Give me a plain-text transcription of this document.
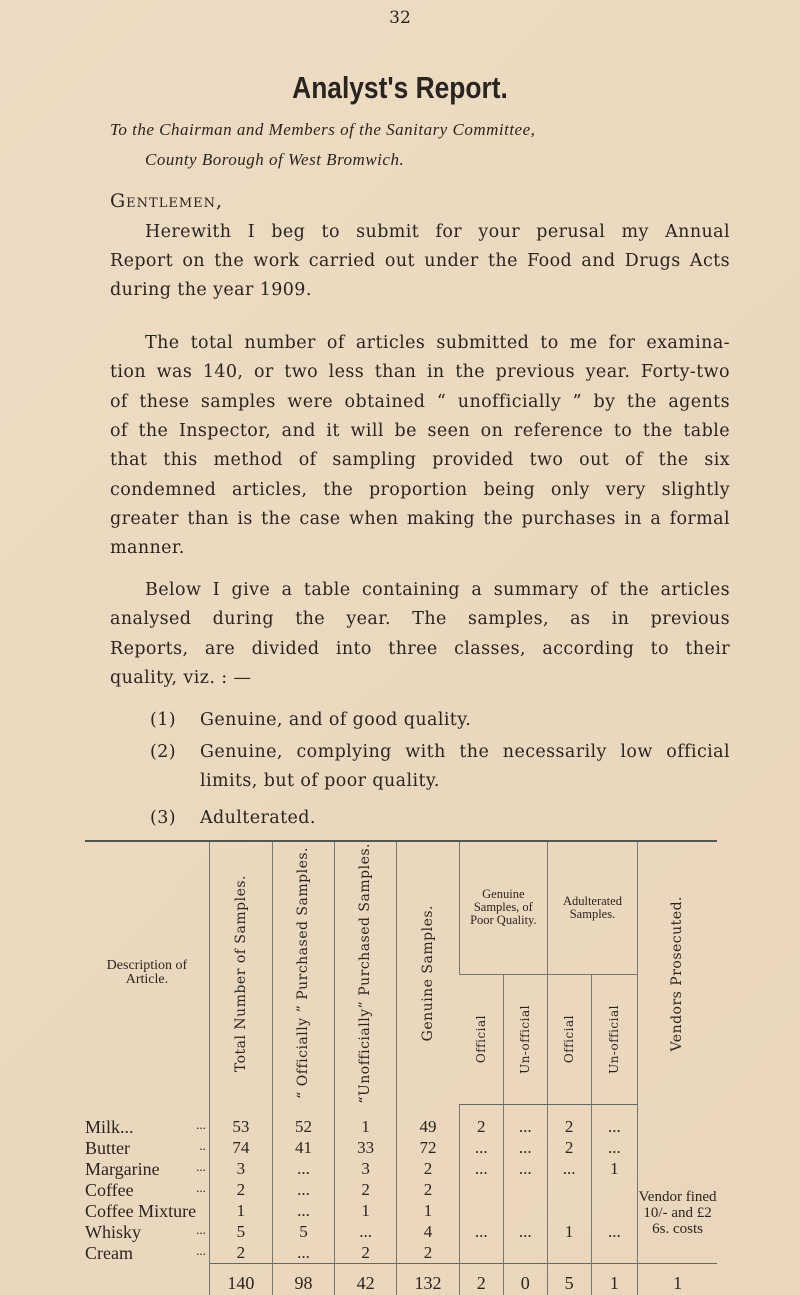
32
Analyst's Report.
To the Chairman and Members of the Sanitary Committee,
County Borough of West Bromwich.
Gentlemen,
Herewith I beg to submit for your perusal my Annual
Report on the work carried out under the Food and Drugs Acts
during the year 1909.
The total number of articles submitted to me for examina-
tion was 140, or two less than in the previous year. Forty-two
of these samples were obtained “ unofficially ” by the agents
of the Inspector, and it will be seen on reference to the table
that this method of sampling provided two out of the six
condemned articles, the proportion being only very slightly
greater than is the case when making the purchases in a formal
manner.
Below I give a table containing a summary of the articles
analysed during the year. The samples, as in previous
Reports, are divided into three classes, according to their
quality, viz. : —
(1) Genuine, and of good quality.
(2) Genuine, complying with the necessarily low official
limits, but of poor quality.
(3) Adulterated.
Description of Article.	Total Number of Samples.	“ Officially ” Purchased Samples.	“Unofficially” Purchased Samples.	Genuine Samples.	Genuine Samples, of Poor Quality.		Adulterated Samples.		Vendors Prosecuted.

					Official	Un-official	Official	Un-official	

Milk... ...	53	52	1	49	2	...	2	...	Vendor fined 10/- and £2 6s. costs
Butter ..	74	41	33	72	...	...	2	...	
Margarine ...	3	...	3	2	...	...	...	1	
Coffee ...	2	...	2	2					
Coffee Mixture	1	...	1	1					
Whisky ...	5	5	...	4	...	...	1	...	
Cream ...	2	...	2	2					
	140	98	42	132	2	0	5	1	1
